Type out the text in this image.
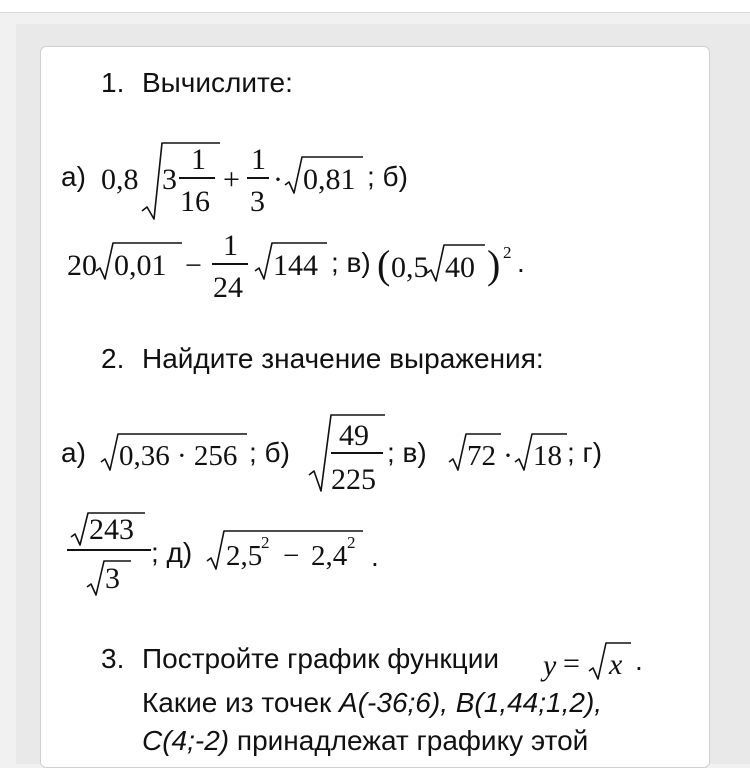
1. Вычислите:
а) 0,8 3
1
16
+
1
3
· 0,81 ; б)
20 0,01 −
1
24
144 ; в) ( 0,5 40 ) 2 .
2. Найдите значение выражения:
а) 0,36 · 256 ; б)
49
225
; в) 72 · 18 ; г)
243
3
; д) 2,5
2 − 2,4 2 .
3. Постройте график функции y = x .
Какие из точек A(-36;6), B(1,44;1,2),
C(4;-2) принадлежат графику этой
